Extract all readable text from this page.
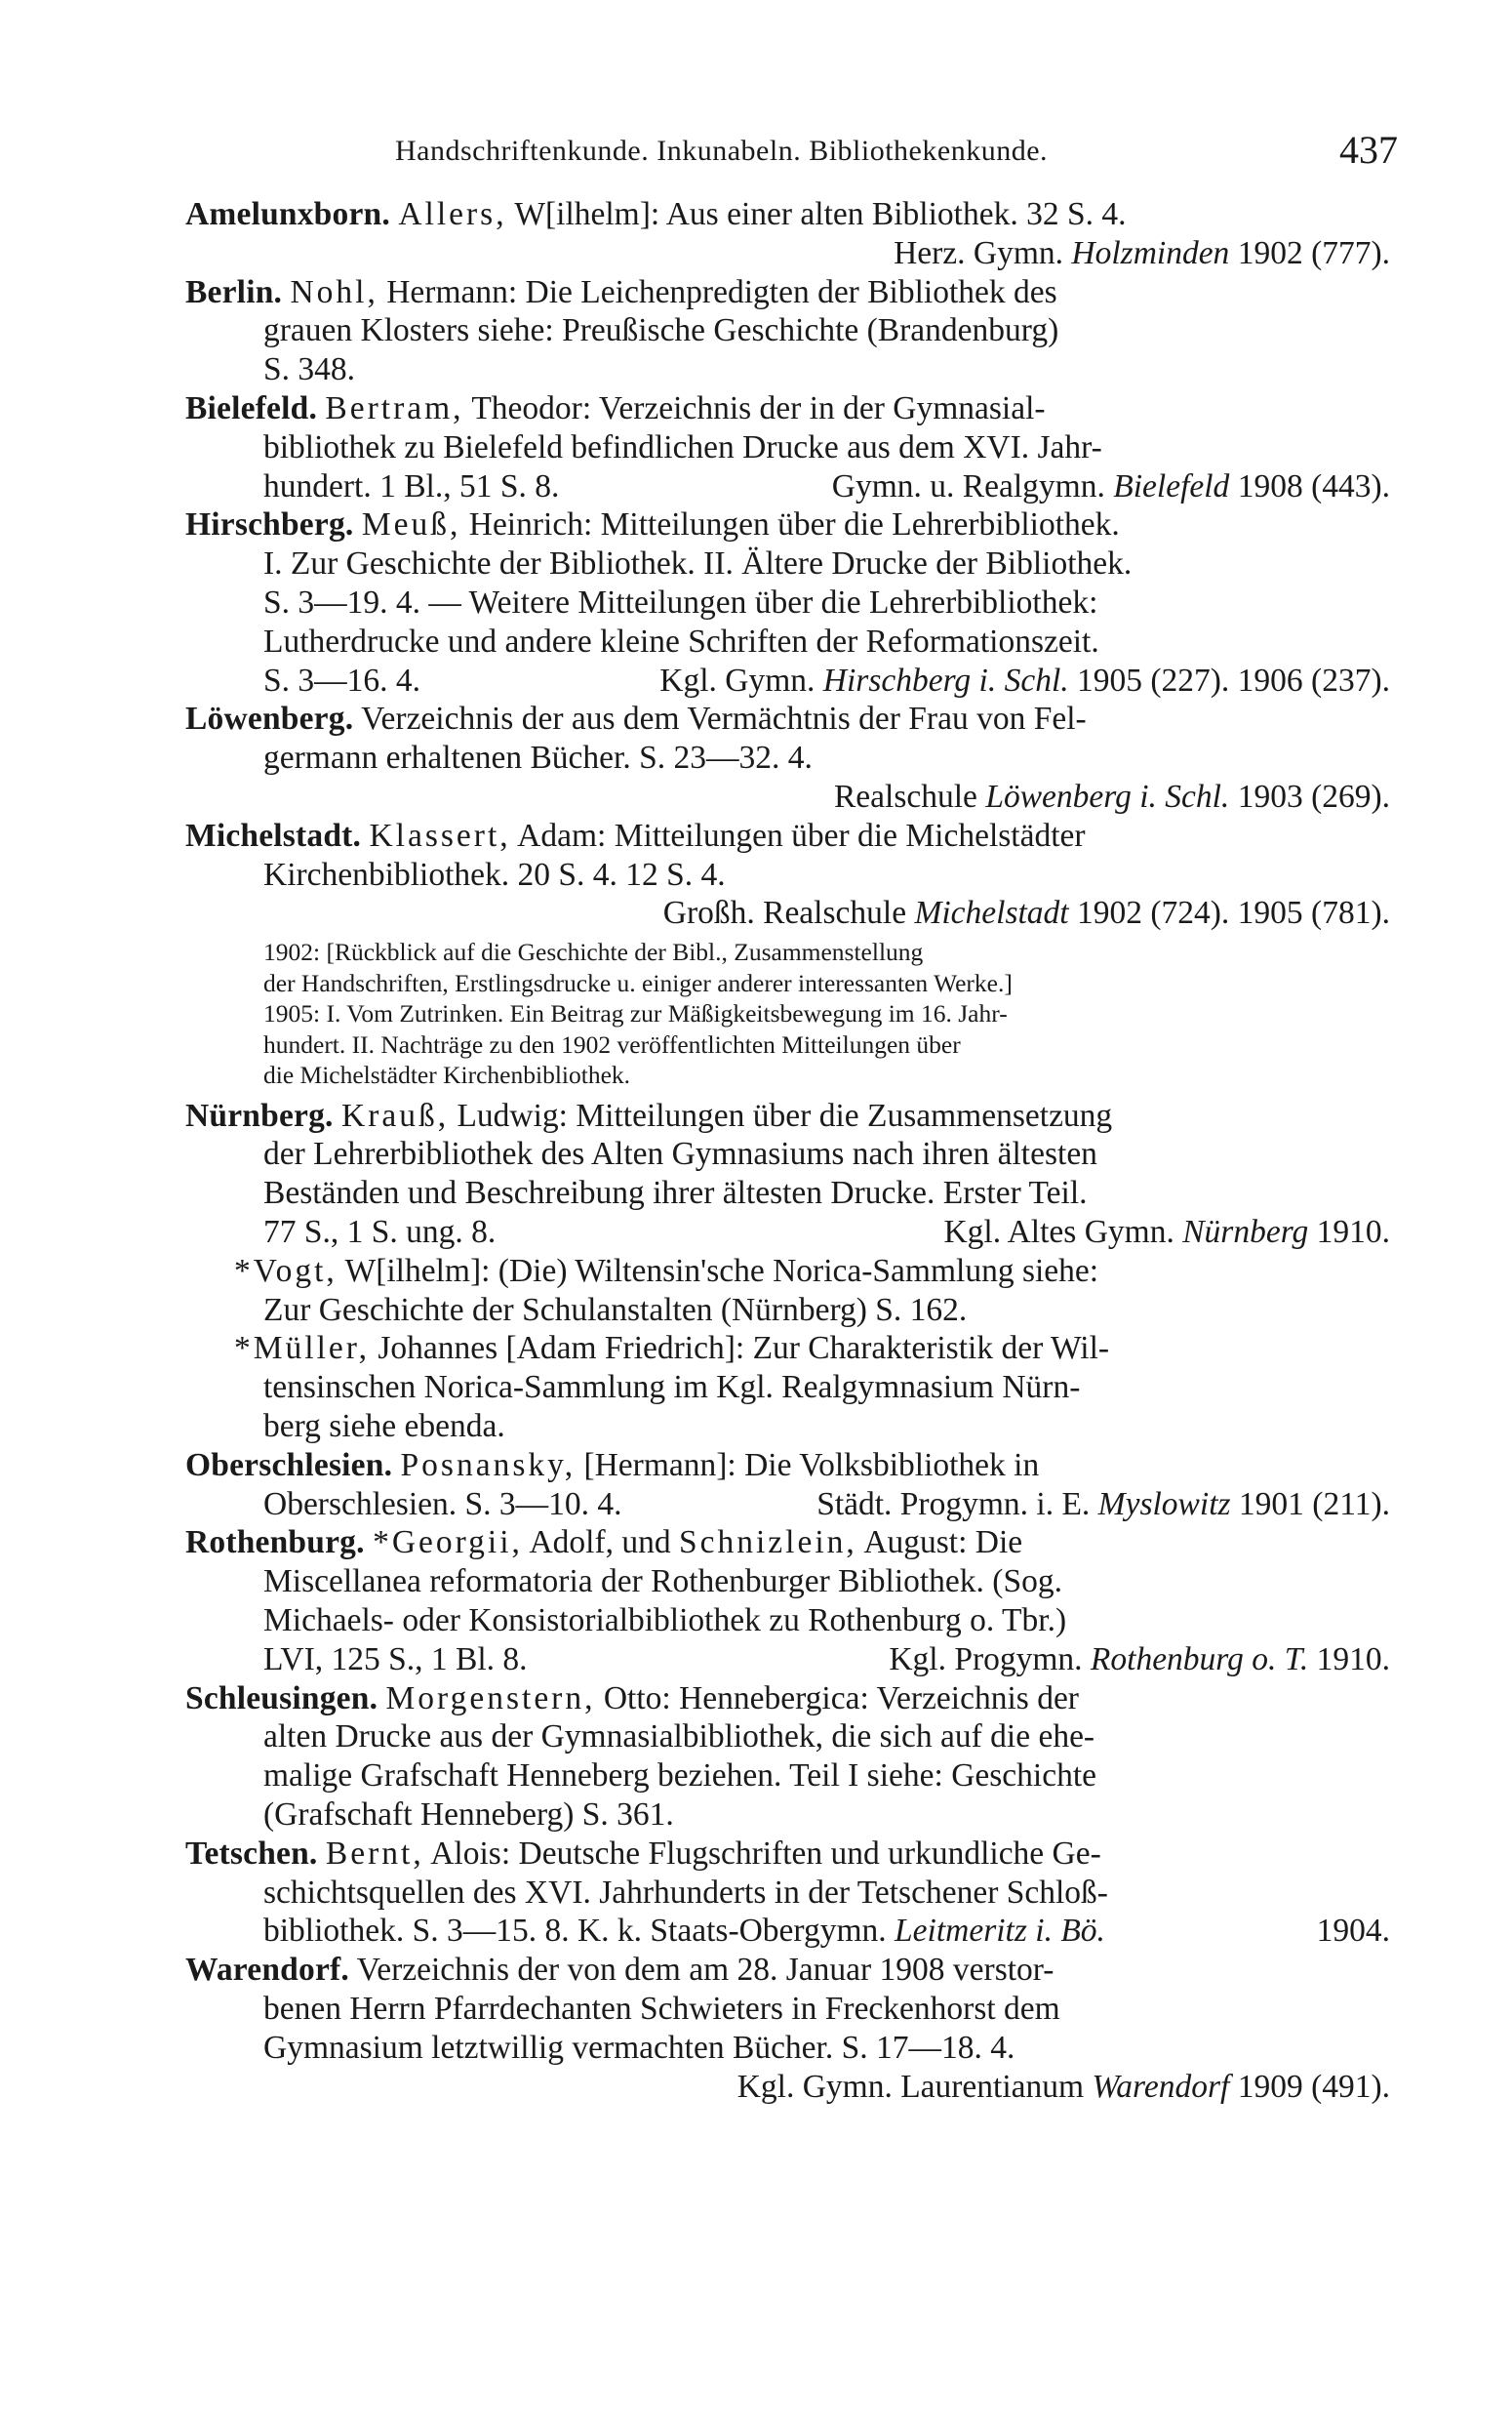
Handschriftenkunde. Inkunabeln. Bibliothekenkunde.	437
Amelunxborn. Allers, W[ilhelm]: Aus einer alten Bibliothek. 32 S. 4.
Herz. Gymn. Holzminden 1902 (777).
Berlin. Nohl, Hermann: Die Leichenpredigten der Bibliothek des
grauen Klosters siehe: Preußische Geschichte (Brandenburg)
S. 348.
Bielefeld. Bertram, Theodor: Verzeichnis der in der Gymnasial-
bibliothek zu Bielefeld befindlichen Drucke aus dem XVI. Jahr-
hundert. 1 Bl., 51 S. 8.	Gymn. u. Realgymn. Bielefeld 1908 (443).
Hirschberg. Meuß, Heinrich: Mitteilungen über die Lehrerbibliothek.
I. Zur Geschichte der Bibliothek. II. Ältere Drucke der Bibliothek.
S. 3—19. 4. — Weitere Mitteilungen über die Lehrerbibliothek:
Lutherdrucke und andere kleine Schriften der Reformationszeit.
S. 3—16. 4.	Kgl. Gymn. Hirschberg i. Schl. 1905 (227). 1906 (237).
Löwenberg. Verzeichnis der aus dem Vermächtnis der Frau von Fel-
germann erhaltenen Bücher. S. 23—32. 4.
Realschule Löwenberg i. Schl. 1903 (269).
Michelstadt. Klassert, Adam: Mitteilungen über die Michelstädter
Kirchenbibliothek. 20 S. 4. 12 S. 4.
Großh. Realschule Michelstadt 1902 (724). 1905 (781).
1902: [Rückblick auf die Geschichte der Bibl., Zusammenstellung
der Handschriften, Erstlingsdrucke u. einiger anderer interessanten Werke.]
1905: I. Vom Zutrinken. Ein Beitrag zur Mäßigkeitsbewegung im 16. Jahr-
hundert. II. Nachträge zu den 1902 veröffentlichten Mitteilungen über
die Michelstädter Kirchenbibliothek.
Nürnberg. Krauß, Ludwig: Mitteilungen über die Zusammensetzung
der Lehrerbibliothek des Alten Gymnasiums nach ihren ältesten
Beständen und Beschreibung ihrer ältesten Drucke. Erster Teil.
77 S., 1 S. ung. 8.	Kgl. Altes Gymn. Nürnberg 1910.
*Vogt, W[ilhelm]: (Die) Wiltensin'sche Norica-Sammlung siehe:
Zur Geschichte der Schulanstalten (Nürnberg) S. 162.
*Müller, Johannes [Adam Friedrich]: Zur Charakteristik der Wil-
tensinschen Norica-Sammlung im Kgl. Realgymnasium Nürn-
berg siehe ebenda.
Oberschlesien. Posnansky, [Hermann]: Die Volksbibliothek in
Oberschlesien. S. 3—10. 4.	Städt. Progymn. i. E. Myslowitz 1901 (211).
Rothenburg. *Georgii, Adolf, und Schnizlein, August: Die
Miscellanea reformatoria der Rothenburger Bibliothek. (Sog.
Michaels- oder Konsistorialbibliothek zu Rothenburg o. Tbr.)
LVI, 125 S., 1 Bl. 8.	Kgl. Progymn. Rothenburg o. T. 1910.
Schleusingen. Morgenstern, Otto: Hennebergica: Verzeichnis der
alten Drucke aus der Gymnasialbibliothek, die sich auf die ehe-
malige Grafschaft Henneberg beziehen. Teil I siehe: Geschichte
(Grafschaft Henneberg) S. 361.
Tetschen. Bernt, Alois: Deutsche Flugschriften und urkundliche Ge-
schichtsquellen des XVI. Jahrhunderts in der Tetschener Schloß-
bibliothek. S. 3—15. 8. K. k. Staats-Obergymn. Leitmeritz i. Bö.	1904.
Warendorf. Verzeichnis der von dem am 28. Januar 1908 verstor-
benen Herrn Pfarrdechanten Schwieters in Freckenhorst dem
Gymnasium letztwillig vermachten Bücher. S. 17—18. 4.
Kgl. Gymn. Laurentianum Warendorf 1909 (491).
